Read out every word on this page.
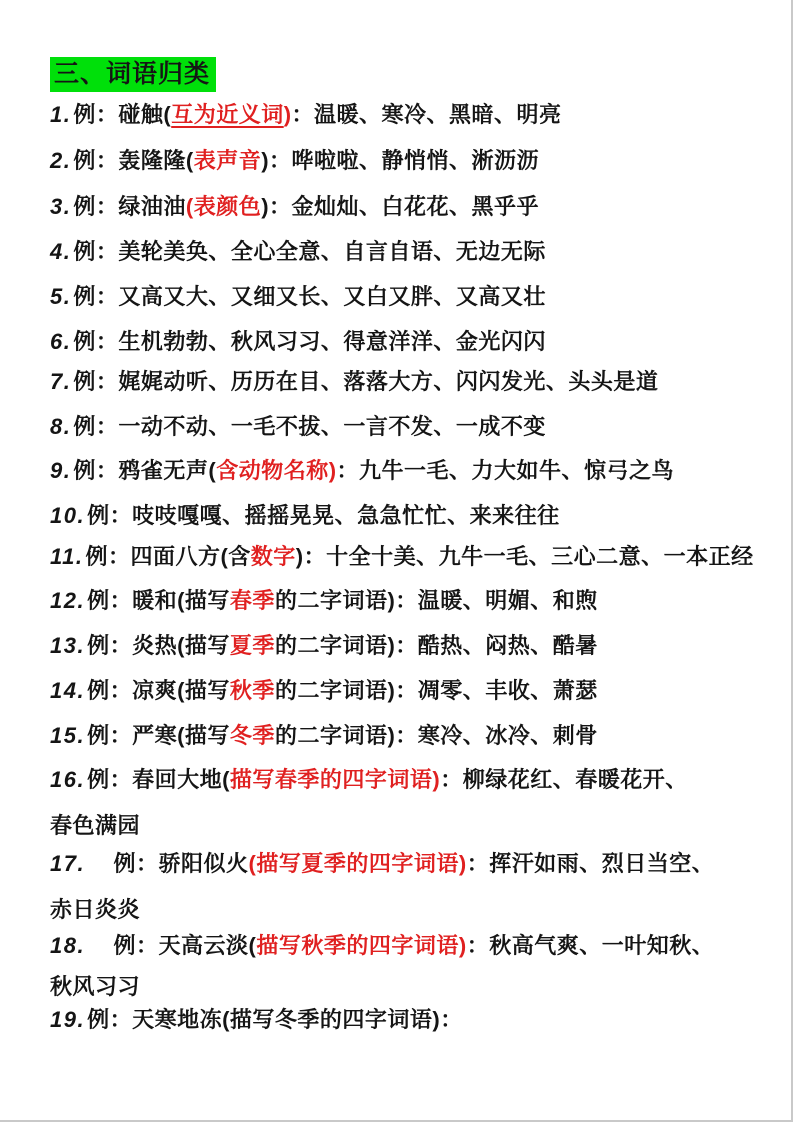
三、词语归类
1.例：碰触(互为近义词)：温暖、寒冷、黑暗、明亮
2.例：轰隆隆(表声音)：哗啦啦、静悄悄、淅沥沥
3.例：绿油油(表颜色)：金灿灿、白花花、黑乎乎
4.例：美轮美奂、全心全意、自言自语、无边无际
5.例：又高又大、又细又长、又白又胖、又高又壮
6.例：生机勃勃、秋风习习、得意洋洋、金光闪闪
7.例：娓娓动听、历历在目、落落大方、闪闪发光、头头是道
8.例：一动不动、一毛不拔、一言不发、一成不变
9.例：鸦雀无声(含动物名称)：九牛一毛、力大如牛、惊弓之鸟
10.例：吱吱嘎嘎、摇摇晃晃、急急忙忙、来来往往
11.例：四面八方(含数字)：十全十美、九牛一毛、三心二意、一本正经
12.例：暖和(描写春季的二字词语)：温暖、明媚、和煦
13.例：炎热(描写夏季的二字词语)：酷热、闷热、酷暑
14.例：凉爽(描写秋季的二字词语)：凋零、丰收、萧瑟
15.例：严寒(描写冬季的二字词语)：寒冷、冰冷、刺骨
16.例：春回大地(描写春季的四字词语)：柳绿花红、春暖花开、
春色满园
17.    例：骄阳似火(描写夏季的四字词语)：挥汗如雨、烈日当空、
赤日炎炎
18.    例：天高云淡(描写秋季的四字词语)：秋高气爽、一叶知秋、
秋风习习
19.例：天寒地冻(描写冬季的四字词语)：
